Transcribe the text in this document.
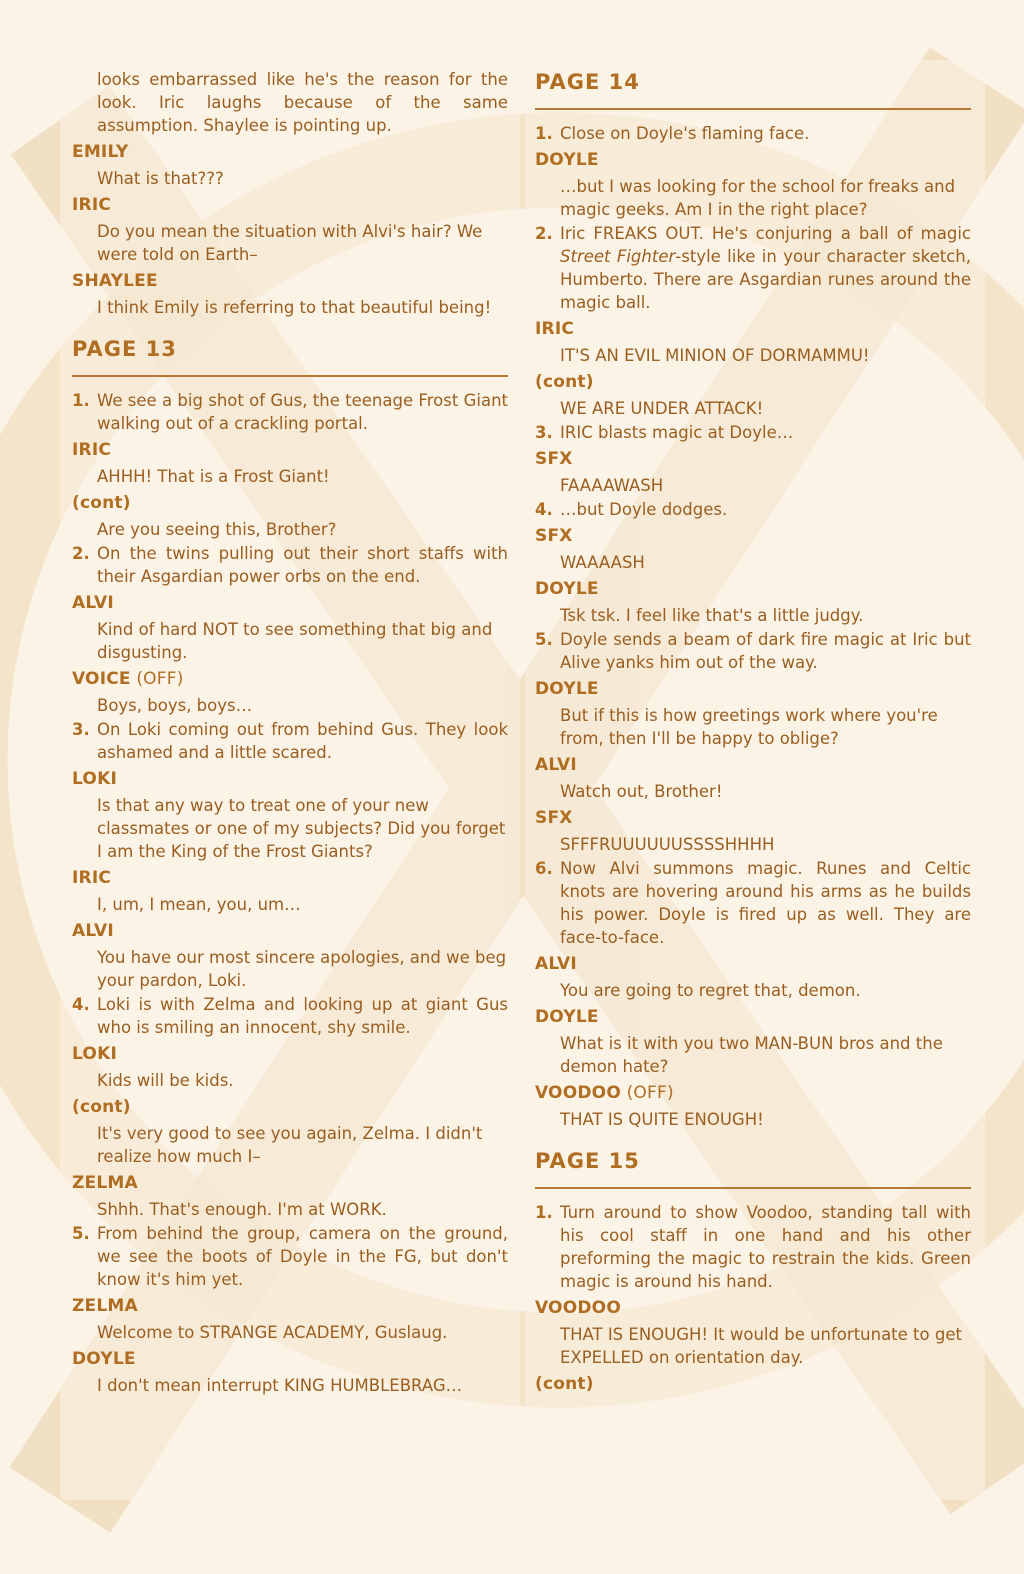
looks embarrassed like he's the reason for the look. Iric laughs because of the same assumption. Shaylee is pointing up.
EMILY
What is that???
IRIC
Do you mean the situation with Alvi's hair? We were told on Earth–
SHAYLEE
I think Emily is referring to that beautiful being!
PAGE 13
1. We see a big shot of Gus, the teenage Frost Giant walking out of a crackling portal.
IRIC
AHHH! That is a Frost Giant!
(cont)
Are you seeing this, Brother?
2. On the twins pulling out their short staffs with their Asgardian power orbs on the end.
ALVI
Kind of hard NOT to see something that big and disgusting.
VOICE (OFF)
Boys, boys, boys…
3. On Loki coming out from behind Gus. They look ashamed and a little scared.
LOKI
Is that any way to treat one of your new classmates or one of my subjects? Did you forget I am the King of the Frost Giants?
IRIC
I, um, I mean, you, um…
ALVI
You have our most sincere apologies, and we beg your pardon, Loki.
4. Loki is with Zelma and looking up at giant Gus who is smiling an innocent, shy smile.
LOKI
Kids will be kids.
(cont)
It's very good to see you again, Zelma. I didn't realize how much I–
ZELMA
Shhh. That's enough. I'm at WORK.
5. From behind the group, camera on the ground, we see the boots of Doyle in the FG, but don't know it's him yet.
ZELMA
Welcome to STRANGE ACADEMY, Guslaug.
DOYLE
I don't mean interrupt KING HUMBLEBRAG…
PAGE 14
1. Close on Doyle's flaming face.
DOYLE
…but I was looking for the school for freaks and magic geeks. Am I in the right place?
2. Iric FREAKS OUT. He's conjuring a ball of magic Street Fighter-style like in your character sketch, Humberto. There are Asgardian runes around the magic ball.
IRIC
IT'S AN EVIL MINION OF DORMAMMU!
(cont)
WE ARE UNDER ATTACK!
3. IRIC blasts magic at Doyle…
SFX
FAAAAWASH
4. …but Doyle dodges.
SFX
WAAAASH
DOYLE
Tsk tsk. I feel like that's a little judgy.
5. Doyle sends a beam of dark fire magic at Iric but Alive yanks him out of the way.
DOYLE
But if this is how greetings work where you're from, then I'll be happy to oblige?
ALVI
Watch out, Brother!
SFX
SFFFRUUUUUUSSSSHHHH
6. Now Alvi summons magic. Runes and Celtic knots are hovering around his arms as he builds his power. Doyle is fired up as well. They are face-to-face.
ALVI
You are going to regret that, demon.
DOYLE
What is it with you two MAN-BUN bros and the demon hate?
VOODOO (OFF)
THAT IS QUITE ENOUGH!
PAGE 15
1. Turn around to show Voodoo, standing tall with his cool staff in one hand and his other preforming the magic to restrain the kids. Green magic is around his hand.
VOODOO
THAT IS ENOUGH! It would be unfortunate to get EXPELLED on orientation day.
(cont)
